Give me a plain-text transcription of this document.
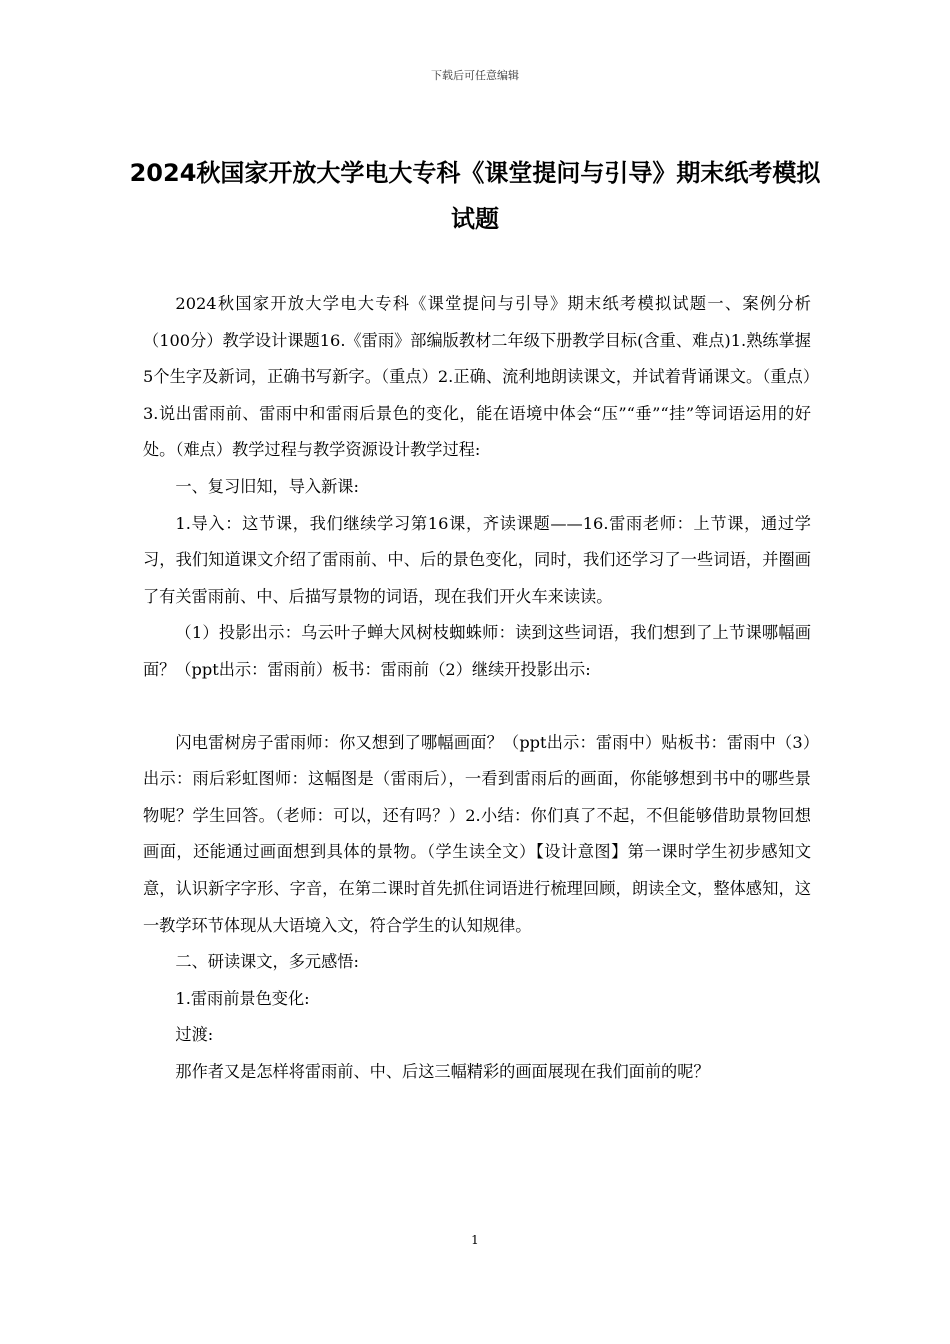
下载后可任意编辑
2024秋国家开放大学电大专科《课堂提问与引导》期末纸考模拟试题

2024秋国家开放大学电大专科《课堂提问与引导》期末纸考模拟试题一、案例分析（100分）教学设计课题16.《雷雨》部编版教材二年级下册教学目标(含重、难点)1.熟练掌握5个生字及新词，正确书写新字。（重点）2.正确、流利地朗读课文，并试着背诵课文。（重点）3.说出雷雨前、雷雨中和雷雨后景色的变化，能在语境中体会“压”“垂”“挂”等词语运用的好处。（难点）教学过程与教学资源设计教学过程:

一、复习旧知，导入新课:

1.导入：这节课，我们继续学习第16课，齐读课题——16.雷雨老师：上节课，通过学习，我们知道课文介绍了雷雨前、中、后的景色变化，同时，我们还学习了一些词语，并圈画了有关雷雨前、中、后描写景物的词语，现在我们开火车来读读。

（1）投影出示：乌云叶子蝉大风树枝蜘蛛师：读到这些词语，我们想到了上节课哪幅画面？（ppt出示：雷雨前）板书：雷雨前（2）继续开投影出示:

闪电雷树房子雷雨师：你又想到了哪幅画面？（ppt出示：雷雨中）贴板书：雷雨中（3）出示：雨后彩虹图师：这幅图是（雷雨后），一看到雷雨后的画面，你能够想到书中的哪些景物呢？学生回答。（老师：可以，还有吗？）2.小结：你们真了不起，不但能够借助景物回想画面，还能通过画面想到具体的景物。（学生读全文）【设计意图】第一课时学生初步感知文意，认识新字字形、字音，在第二课时首先抓住词语进行梳理回顾，朗读全文，整体感知，这一教学环节体现从大语境入文，符合学生的认知规律。

二、研读课文，多元感悟:

1.雷雨前景色变化:

过渡:

那作者又是怎样将雷雨前、中、后这三幅精彩的画面展现在我们面前的呢？

1
